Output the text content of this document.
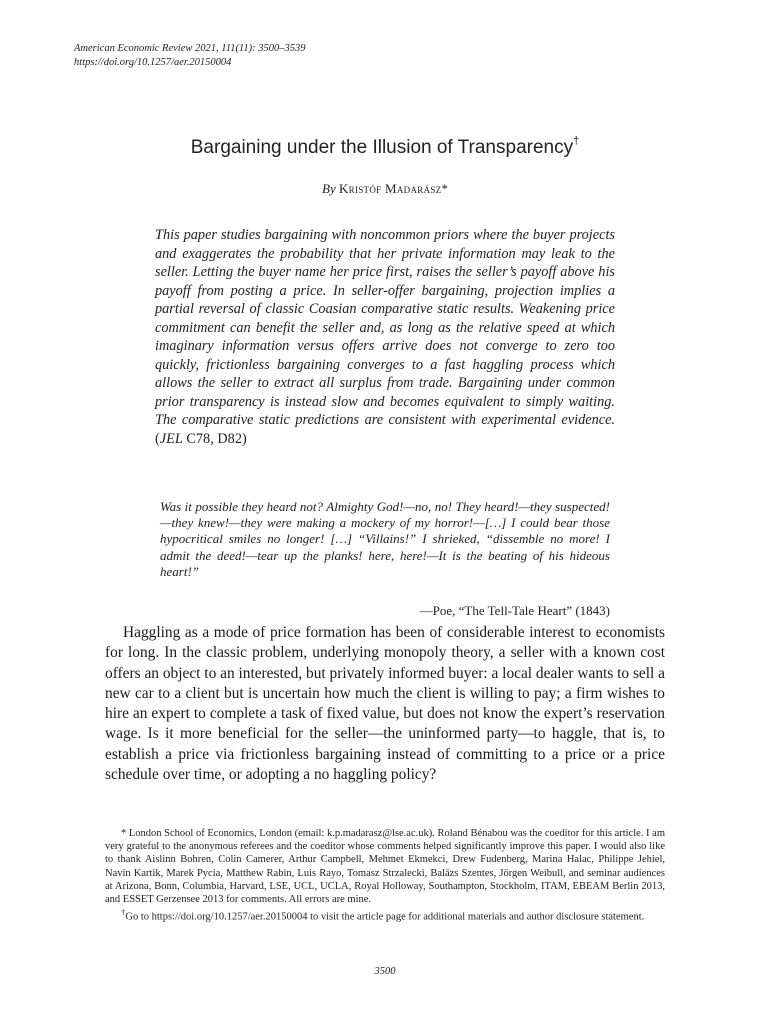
American Economic Review 2021, 111(11): 3500–3539
https://doi.org/10.1257/aer.20150004
Bargaining under the Illusion of Transparency†
By Kristóf Madarász*
This paper studies bargaining with noncommon priors where the buyer projects and exaggerates the probability that her private information may leak to the seller. Letting the buyer name her price first, raises the seller’s payoff above his payoff from posting a price. In seller-offer bargaining, projection implies a partial reversal of classic Coasian comparative static results. Weakening price commitment can benefit the seller and, as long as the relative speed at which imaginary information versus offers arrive does not converge to zero too quickly, frictionless bargaining converges to a fast haggling process which allows the seller to extract all surplus from trade. Bargaining under common prior transparency is instead slow and becomes equivalent to simply waiting. The comparative static predictions are consistent with experimental evidence. (JEL C78, D82)
Was it possible they heard not? Almighty God!—no, no! They heard!—they suspected!—they knew!—they were making a mockery of my horror!—[…] I could bear those hypocritical smiles no longer! […] “Villains!” I shrieked, “dissemble no more! I admit the deed!—tear up the planks! here, here!—It is the beating of his hideous heart!”
—Poe, “The Tell-Tale Heart” (1843)
Haggling as a mode of price formation has been of considerable interest to economists for long. In the classic problem, underlying monopoly theory, a seller with a known cost offers an object to an interested, but privately informed buyer: a local dealer wants to sell a new car to a client but is uncertain how much the client is willing to pay; a firm wishes to hire an expert to complete a task of fixed value, but does not know the expert’s reservation wage. Is it more beneficial for the seller—the uninformed party—to haggle, that is, to establish a price via frictionless bargaining instead of committing to a price or a price schedule over time, or adopting a no haggling policy?

* London School of Economics, London (email: k.p.madarasz@lse.ac.uk). Roland Bénabou was the coeditor for this article. I am very grateful to the anonymous referees and the coeditor whose comments helped significantly improve this paper. I would also like to thank Aislinn Bohren, Colin Camerer, Arthur Campbell, Mehmet Ekmekci, Drew Fudenberg, Marina Halac, Philippe Jehiel, Navin Kartik, Marek Pycia, Matthew Rabin, Luis Rayo, Tomasz Strzalecki, Balázs Szentes, Jörgen Weibull, and seminar audiences at Arizona, Bonn, Columbia, Harvard, LSE, UCL, UCLA, Royal Holloway, Southampton, Stockholm, ITAM, EBEAM Berlin 2013, and ESSET Gerzensee 2013 for comments. All errors are mine.

†Go to https://doi.org/10.1257/aer.20150004 to visit the article page for additional materials and author disclosure statement.

3500
